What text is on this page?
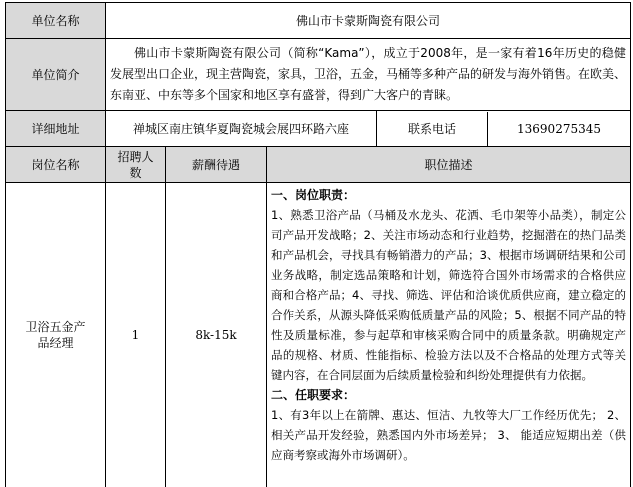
单位名称	佛山市卡蒙斯陶瓷有限公司			
单位简介	佛山市卡蒙斯陶瓷有限公司（简称“Kama”），成立于2008年，是一家有着16年历史的稳健发展型出口企业，现主营陶瓷，家具，卫浴，五金，马桶等多种产品的研发与海外销售。在欧美、东南亚、中东等多个国家和地区享有盛誉，得到广大客户的青睐。			
详细地址	禅城区南庄镇华夏陶瓷城会展四环路六座			联系电话 13690275345

岗位名称	招聘人数	薪酬待遇	职位描述	
卫浴五金产品经理	1	8k-15k	一、岗位职责：

1、熟悉卫浴产品（马桶及水龙头、花洒、毛巾架等小品类），制定公司产品开发战略；2、关注市场动态和行业趋势，挖掘潜在的热门品类和产品机会，寻找具有畅销潜力的产品；3、根据市场调研结果和公司业务战略，制定选品策略和计划，筛选符合国外市场需求的合格供应商和合格产品；4、寻找、筛选、评估和洽谈优质供应商，建立稳定的合作关系，从源头降低采购低质量产品的风险；5、根据不同产品的特性及质量标准，参与起草和审核采购合同中的质量条款。明确规定产品的规格、材质、性能指标、检验方法以及不合格品的处理方式等关键内容，在合同层面为后续质量检验和纠纷处理提供有力依据。

二、任职要求：

1、有3年以上在箭牌、惠达、恒洁、九牧等大厂工作经历优先； 2、相关产品开发经验，熟悉国内外市场差异； 3、 能适应短期出差（供应商考察或海外市场调研）。	
